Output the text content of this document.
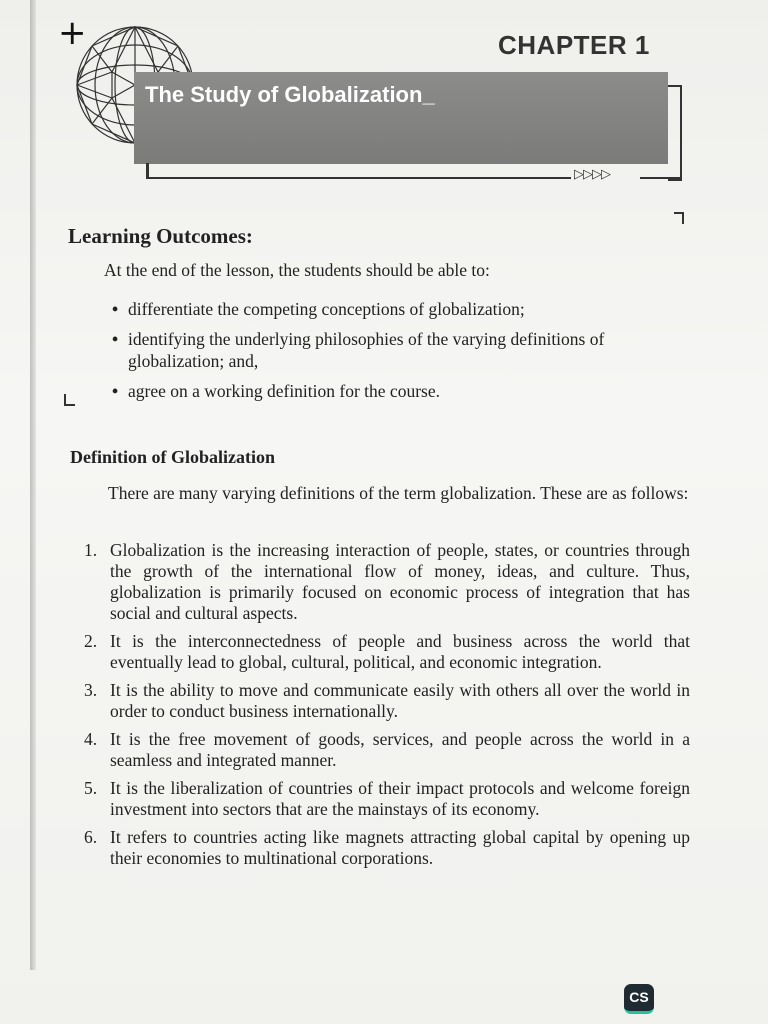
+
The Study of Globalization_
CHAPTER 1
▷▷▷▷
Learning Outcomes:
At the end of the lesson, the students should be able to:
• differentiate the competing conceptions of globalization;
• identifying the underlying philosophies of the varying definitions of globalization; and,
• agree on a working definition for the course.
Definition of Globalization
There are many varying definitions of the term globalization. These are as follows:
1. Globalization is the increasing interaction of people, states, or countries through the growth of the international flow of money, ideas, and culture. Thus, globalization is primarily focused on economic process of integration that has social and cultural aspects.
2. It is the interconnectedness of people and business across the world that eventually lead to global, cultural, political, and economic integration.
3. It is the ability to move and communicate easily with others all over the world in order to conduct business internationally.
4. It is the free movement of goods, services, and people across the world in a seamless and integrated manner.
5. It is the liberalization of countries of their impact protocols and welcome foreign investment into sectors that are the mainstays of its economy.
6. It refers to countries acting like magnets attracting global capital by opening up their economies to multinational corporations.
CS
